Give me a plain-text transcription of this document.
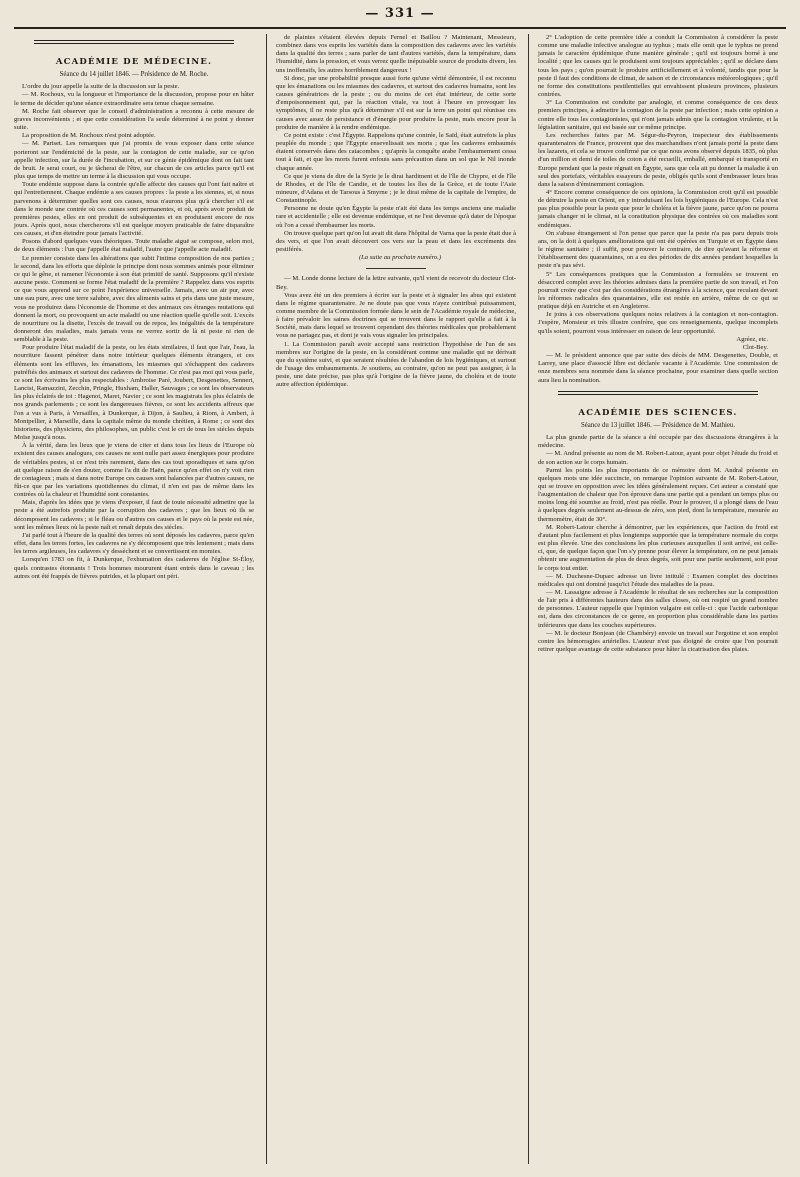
— 331 —
ACADÉMIE DE MÉDECINE.
Séance du 14 juillet 1846. — Présidence de M. Roche.

L'ordre du jour appelle la suite de la discussion sur la peste.

— M. Rochoux, vu la longueur et l'importance de la discussion, propose pour en hâter le terme de décider qu'une séance extraordinaire sera tenue chaque semaine.

M. Roche fait observer que le conseil d'administration a reconnu à cette mesure de graves inconvénients ; et que cette considération l'a seule déterminé à ne point y donner suite.

La proposition de M. Rochoux n'est point adoptée.

— M. Pariset. Les remarques que j'ai promis de vous exposer dans cette séance porteront sur l'endémicité de la peste, sur la contagion de cette maladie, sur ce qu'on appelle infection, sur la durée de l'incubation, et sur ce génie épidémique dont on fait tant de bruit. Je serai court, ou je tâcherai de l'être, sur chacun de ces articles parce qu'il est plus que temps de mettre un terme à la discussion qui vous occupe.

Toute endémie suppose dans la contrée qu'elle affecte des causes qui l'ont fait naître et qui l'entretiennent. Chaque endémie a ses causes propres : la peste a les siennes, et, si nous parvenons à déterminer quelles sont ces causes, nous n'aurons plus qu'à chercher s'il est dans le monde une contrée où ces causes sont permanentes, et où, après avoir produit de premières pestes, elles en ont produit de subséquentes et en produisent encore de nos jours. Après quoi, nous chercherons s'il est quelque moyen praticable de faire disparaître ces causes, et d'en éteindre pour jamais l'activité.

Posons d'abord quelques vues théoriques. Toute maladie aiguë se compose, selon moi, de deux éléments : l'un que j'appelle état maladif, l'autre que j'appelle acte maladif.

Le premier consiste dans les altérations que subit l'intime composition de nos parties ; le second, dans les efforts que déploie le principe dont nous sommes animés pour éliminer ce qui le gêne, et ramener l'économie à son état primitif de santé. Supposons qu'il n'existe aucune peste. Comment se forme l'état maladif de la première ? Rappelez dans vos esprits ce que vous apprend sur ce point l'expérience universelle. Jamais, avec un air pur, avec une eau pure, avec une terre salubre, avec des aliments sains et pris dans une juste mesure, vous ne produirez dans l'économie de l'homme et des animaux ces étranges mutations qui donnent la mort, ou provoquent un acte maladif ou une réaction quelle qu'elle soit. L'excès de nourriture ou la disette, l'excès de travail ou de repos, les inégalités de la température donneront des maladies, mais jamais vous ne verrez sortir de là ni peste ni rien de semblable à la peste.

Pour produire l'état maladif de la peste, ou les états similaires, il faut que l'air, l'eau, la nourriture fassent pénétrer dans notre intérieur quelques éléments étrangers, et ces éléments sont les effluves, les émanations, les miasmes qui s'échappent des cadavres putréfiés des animaux et surtout des cadavres de l'homme. Ce n'est pas moi qui vous parle, ce sont les écrivains les plus respectables : Ambroise Paré, Joubert, Desgenettes, Sennert, Lancisi, Ramazzini, Zecchin, Pringle, Huxham, Haller, Sauvages ; ce sont les observateurs les plus éclairés de toi : Hagenot, Maret, Navier ; ce sont les magistrats les plus éclairés de nos grands parlements ; ce sont les dangereuses fièvres, ce sont les accidents affreux que l'on a vus à Paris, à Versailles, à Dunkerque, à Dijon, à Saulieu, à Riom, à Ambert, à Montpellier, à Marseille, dans la capitale même du monde chrétien, à Rome ; ce sont des historiens, des physiciens, des philosophes, un public c'est le cri de tous les siècles depuis Moïse jusqu'à nous.

À la vérité, dans les lieux que je viens de citer et dans tous les lieux de l'Europe où existent des causes analogues, ces causes ne sont nulle part assez énergiques pour produire de véritables pestes, si ce n'est très rarement, dans des cas tout sporadiques et sans qu'on ait quelque raison de s'en douter, comme l'a dit de Haën, parce qu'en effet on n'y voit rien de contagieux ; mais si dans notre Europe ces causes sont balancées par d'autres causes, ne fût-ce que par les variations quotidiennes du climat, il n'en est pas de même dans les contrées où la chaleur et l'humidité sont constantes.

Mais, d'après les idées que je viens d'exposer, il faut de toute nécessité admettre que la peste a été autrefois produite par la corruption des cadavres ; que les lieux où ils se décomposent les cadavres ; si le fléau ou d'autres ces causes et le pays où la peste est née, sont les mêmes lieux où la peste naît et renaît depuis des siècles.

J'ai parlé tout à l'heure de la qualité des terres où sont déposés les cadavres, parce qu'en effet, dans les terres fortes, les cadavres ne s'y décomposent que très lentement ; mais dans les terres argileuses, les cadavres s'y dessèchent et se convertissent en momies.

Lorsqu'en 1783 on fit, à Dunkerque, l'exhumation des cadavres de l'église St-Éloy, quels contrastes étonnants ! Trois hommes moururent étant entrés dans le caveau ; les autres ont été frappés de fièvres putrides, et la plupart ont péri.

de plaintes s'étaient élevées depuis Fernel et Baillou ? Maintenant, Messieurs, combinez dans vos esprits les variétés dans la composition des cadavres avec les variétés dans la qualité des terres ; sans parler de tant d'autres variétés, dans la température, dans l'humidité, dans la pression, et vous verrez quelle inépuisable source de produits divers, les uns inoffensifs, les autres horriblement dangereux !

Si donc, par une probabilité presque aussi forte qu'une vérité démontrée, il est reconnu que les émanations ou les miasmes des cadavres, et surtout des cadavres humains, sont les causes génératrices de la peste ; ou du moins de cet état intérieur, de cette sorte d'empoisonnement qui, par la réaction vitale, va tout à l'heure en provoquer les symptômes, il ne reste plus qu'à déterminer s'il est sur la terre un point qui réunisse ces causes avec assez de persistance et d'énergie pour produire la peste, mais encore pour la produire de manière à la rendre endémique.

Ce point existe : c'est l'Égypte. Rappelons qu'une contrée, le Saïd, était autrefois la plus peuplée du monde ; que l'Égypte ensevelissait ses morts ; que les cadavres embaumés étaient conservés dans des catacombes ; qu'après la conquête arabe l'embaumement cessa tout à fait, et que les morts furent enfouis sans précaution dans un sol que le Nil inonde chaque année.

Ce que je viens de dire de la Syrie je le dirai hardiment et de l'île de Chypre, et de l'île de Rhodes, et de l'île de Candie, et de toutes les îles de la Grèce, et de toute l'Asie mineure, d'Adana et de Tarsous à Smyrne ; je le dirai même de la capitale de l'empire, de Constantinople.

Personne ne doute qu'en Égypte la peste n'ait été dans les temps anciens une maladie rare et accidentelle ; elle est devenue endémique, et ne l'est devenue qu'à dater de l'époque où l'on a cessé d'embaumer les morts.

On trouve quelque part qu'on lui avait dit dans l'hôpital de Varna que la peste était due à des vers, et que l'on avait découvert ces vers sur la peau et dans les excréments des pestiférés.

(La suite au prochain numéro.)

— M. Londe donne lecture de la lettre suivante, qu'il vient de recevoir du docteur Clot-Bey.

Vous avez été un des premiers à écrire sur la peste et à signaler les abus qui existent dans le régime quarantenaire. Je ne doute pas que vous n'ayez contribué puissamment, comme membre de la Commission formée dans le sein de l'Académie royale de médecine, à faire prévaloir les saines doctrines qui se trouvent dans le rapport qu'elle a fait à la Société, mais dans lequel se trouvent cependant des théories médicales que probablement vous ne partagez pas, et dont je vais vous signaler les principales.

1. La Commission paraît avoir accepté sans restriction l'hypothèse de l'un de ses membres sur l'origine de la peste, en la considérant comme une maladie qui ne dérivait que du système suivi, et que seraient résultées de l'abandon de lois hygiéniques, et surtout de l'usage des embaumements. Je soutiens, au contraire, qu'on ne peut pas assigner, à la peste, une date précise, pas plus qu'à l'origine de la fièvre jaune, du choléra et de toute autre affection épidémique.

2° L'adoption de cette première idée a conduit la Commission à considérer la peste comme une maladie infective analogue au typhus ; mais elle omit que le typhus ne prend jamais le caractère épidémique d'une manière générale ; qu'il est toujours borné à une localité ; que les causes qui le produisent sont toujours appréciables ; qu'il se déclare dans tous les pays ; qu'on pourrait le produire artificiellement et à volonté, tandis que pour la peste il faut des conditions de climat, de saison et de circonstances météorologiques ; qu'il ne forme des constitutions pestilentielles qui envahissent plusieurs provinces, plusieurs contrées.

3° La Commission est conduite par analogie, et comme conséquence de ces deux premiers principes, à admettre la contagion de la peste par infection ; mais cette opinion a contre elle tous les contagionistes, qui n'ont jamais admis que la contagion virulente, et la législation sanitaire, qui est basée sur ce même principe.

Les recherches faites par M. Ségur-du-Peyron, inspecteur des établissements quarantenaires de France, prouvent que des marchandises n'ont jamais porté la peste dans les lazarets, et cela se trouve confirmé par ce que nous avons observé depuis 1835, où plus d'un million et demi de toiles de coton a été recueilli, emballé, embarqué et transporté en Europe pendant que la peste régnait en Égypte, sans que cela ait pu donner la maladie à un seul des portefaix, véritables essayeurs de peste, obligés qu'ils sont d'embrasser leurs bras dans la saison d'éminemment contagion.

4° Encore comme conséquence de ces opinions, la Commission croit qu'il est possible de détruire la peste en Orient, en y introduisant les lois hygiéniques de l'Europe. Cela n'est pas plus possible pour la peste que pour le choléra et la fièvre jaune, parce qu'on ne pourra jamais changer ni le climat, ni la constitution physique des contrées où ces maladies sont endémiques.

On s'abuse étrangement si l'on pense que parce que la peste n'a pas paru depuis trois ans, on la doit à quelques améliorations qui ont été opérées en Turquie et en Égypte dans le régime sanitaire ; il suffit, pour prouver le contraire, de dire qu'avant la réforme et l'établissement des quarantaines, on a eu des périodes de dix années pendant lesquelles la peste n'a pas sévi.

5° Les conséquences pratiques que la Commission a formulées se trouvent en désaccord complet avec les théories admises dans la première partie de son travail, et l'on pourrait croire que c'est par des considérations étrangères à la science, que reculant devant les réformes radicales des quarantaines, elle est restée en arrière, même de ce qui se pratique déjà en Autriche et en Angleterre.

Je joins à ces observations quelques notes relatives à la contagion et non-contagion. J'espère, Monsieur et très illustre confrère, que ces renseignements, quelque incomplets qu'ils soient, pourront vous intéresser en raison de leur opportunité.

Agréez, etc.
Clot-Bey.

— M. le président annonce que par suite des décès de MM. Desgenettes, Double, et Larrey, une place d'associé libre est déclarée vacante à l'Académie. Une commission de onze membres sera nommée dans la séance prochaine, pour examiner dans quelle section aura lieu la nomination.

ACADÉMIE DES SCIENCES.
Séance du 13 juillet 1846. — Présidence de M. Mathieu.

La plus grande partie de la séance a été occupée par des discussions étrangères à la médecine.

— M. Andral présente au nom de M. Robert-Latour, ayant pour objet l'étude du froid et de son action sur le corps humain.

Parmi les points les plus importants de ce mémoire dont M. Andral présente en quelques mots une idée succincte, on remarque l'opinion suivante de M. Robert-Latour, qui se trouve en opposition avec les idées généralement reçues. Cet auteur a constaté que l'augmentation de chaleur que l'on éprouve dans une partie qui a pendant un temps plus ou moins long été soumise au froid, n'est pas réelle. Pour le prouver, il a plongé dans de l'eau à quelques degrés seulement au-dessus de zéro, son pied, dont la température, mesurée au thermomètre, était de 30°.

M. Robert-Latour cherche à démontrer, par les expériences, que l'action du froid est d'autant plus facilement et plus longtemps supportée que la température normale du corps est plus élevée. Une des conclusions les plus curieuses auxquelles il soit arrivé, est celle-ci, que, de quelque façon que l'on s'y prenne pour élever la température, on ne peut jamais obtenir une augmentation de plus de deux degrés, soit pour une partie seulement, soit pour le corps tout entier.

— M. Duchesne-Duparc adresse un livre intitulé : Examen complet des doctrines médicales qui ont dominé jusqu'ici l'étude des maladies de la peau.

— M. Lassaigne adresse à l'Académie le résultat de ses recherches sur la composition de l'air pris à différentes hauteurs dans des salles closes, où ont respiré un grand nombre de personnes. L'auteur rappelle que l'opinion vulgaire est celle-ci : que l'acide carbonique est, dans des circonstances de ce genre, en proportion plus considérable dans les parties inférieures que dans les couches supérieures.

— M. le docteur Bonjean (de Chambéry) envoie un travail sur l'ergotine et son emploi contre les hémorragies artérielles. L'auteur n'est pas éloigné de croire que l'on pourrait retirer quelque avantage de cette substance pour hâter la cicatrisation des plaies.
